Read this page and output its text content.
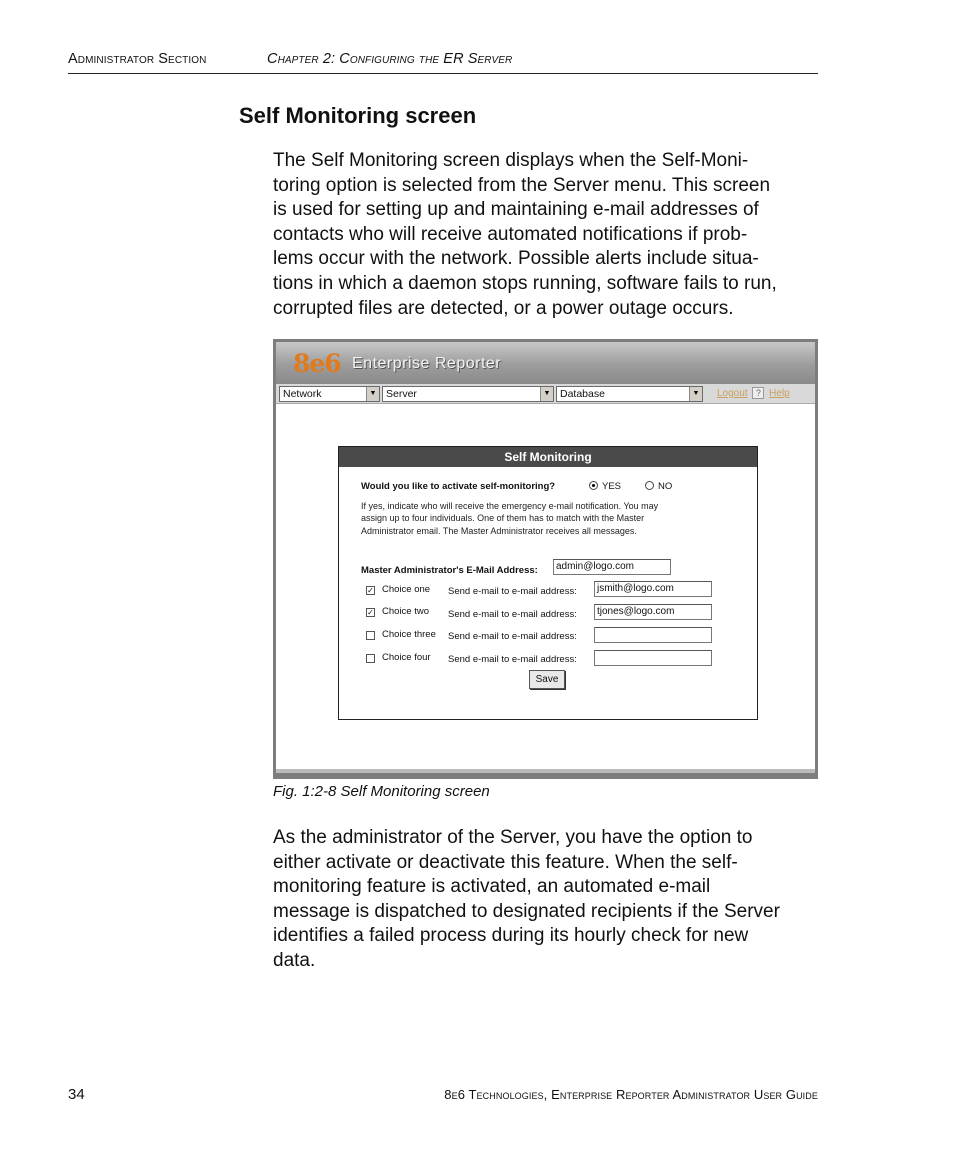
Administrator Section	Chapter 2: Configuring the ER Server
Self Monitoring screen
The Self Monitoring screen displays when the Self-Moni-
toring option is selected from the Server menu. This screen
is used for setting up and maintaining e-mail addresses of
contacts who will receive automated notifications if prob-
lems occur with the network. Possible alerts include situa-
tions in which a daemon stops running, software fails to run,
corrupted files are detected, or a power outage occurs.
8e6 Enterprise Reporter
Network	▼ Server	▼ Database	▼ Logout ? Help
Self Monitoring
Would you like to activate self-monitoring?	YES	NO
If yes, indicate who will receive the emergency e-mail notification. You may
assign up to four individuals. One of them has to match with the Master
Administrator email. The Master Administrator receives all messages.
Master Administrator's E-Mail Address:	admin@logo.com
✓ Choice one Send e-mail to e-mail address:	jsmith@logo.com
✓ Choice two Send e-mail to e-mail address:	tjones@logo.com
Choice three Send e-mail to e-mail address:
Choice four Send e-mail to e-mail address:
Save
Fig. 1:2-8 Self Monitoring screen
As the administrator of the Server, you have the option to
either activate or deactivate this feature. When the self-
monitoring feature is activated, an automated e-mail
message is dispatched to designated recipients if the Server
identifies a failed process during its hourly check for new
data.
34	8e6 Technologies, Enterprise Reporter Administrator User Guide
